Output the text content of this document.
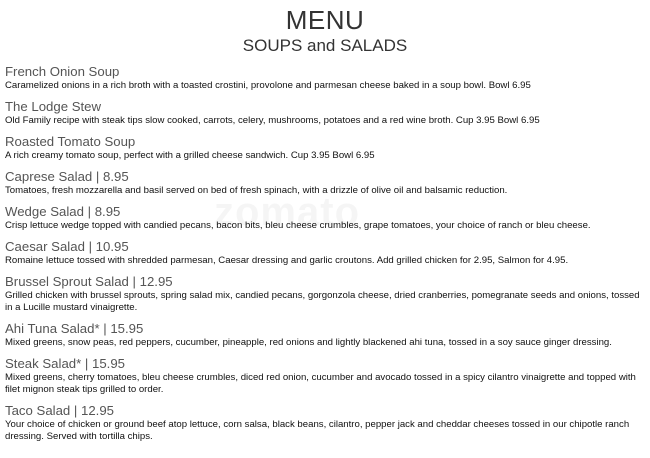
MENU
SOUPS and SALADS
French Onion Soup
Caramelized onions in a rich broth with a toasted crostini, provolone and parmesan cheese baked in a soup bowl. Bowl 6.95
The Lodge Stew
Old Family recipe with steak tips slow cooked, carrots, celery, mushrooms, potatoes and a red wine broth. Cup 3.95 Bowl 6.95
Roasted Tomato Soup
A rich creamy tomato soup, perfect with a grilled cheese sandwich. Cup 3.95 Bowl 6.95
Caprese Salad | 8.95
Tomatoes, fresh mozzarella and basil served on bed of fresh spinach, with a drizzle of olive oil and balsamic reduction.
Wedge Salad | 8.95
Crisp lettuce wedge topped with candied pecans, bacon bits, bleu cheese crumbles, grape tomatoes, your choice of ranch or bleu cheese.
Caesar Salad | 10.95
Romaine lettuce tossed with shredded parmesan, Caesar dressing and garlic croutons. Add grilled chicken for 2.95, Salmon for 4.95.
Brussel Sprout Salad | 12.95
Grilled chicken with brussel sprouts, spring salad mix, candied pecans, gorgonzola cheese, dried cranberries, pomegranate seeds and onions, tossed in a Lucille mustard vinaigrette.
Ahi Tuna Salad* | 15.95
Mixed greens, snow peas, red peppers, cucumber, pineapple, red onions and lightly blackened ahi tuna, tossed in a soy sauce ginger dressing.
Steak Salad* | 15.95
Mixed greens, cherry tomatoes, bleu cheese crumbles, diced red onion, cucumber and avocado tossed in a spicy cilantro vinaigrette and topped with filet mignon steak tips grilled to order.
Taco Salad | 12.95
Your choice of chicken or ground beef atop lettuce, corn salsa, black beans, cilantro, pepper jack and cheddar cheeses tossed in our chipotle ranch dressing. Served with tortilla chips.
